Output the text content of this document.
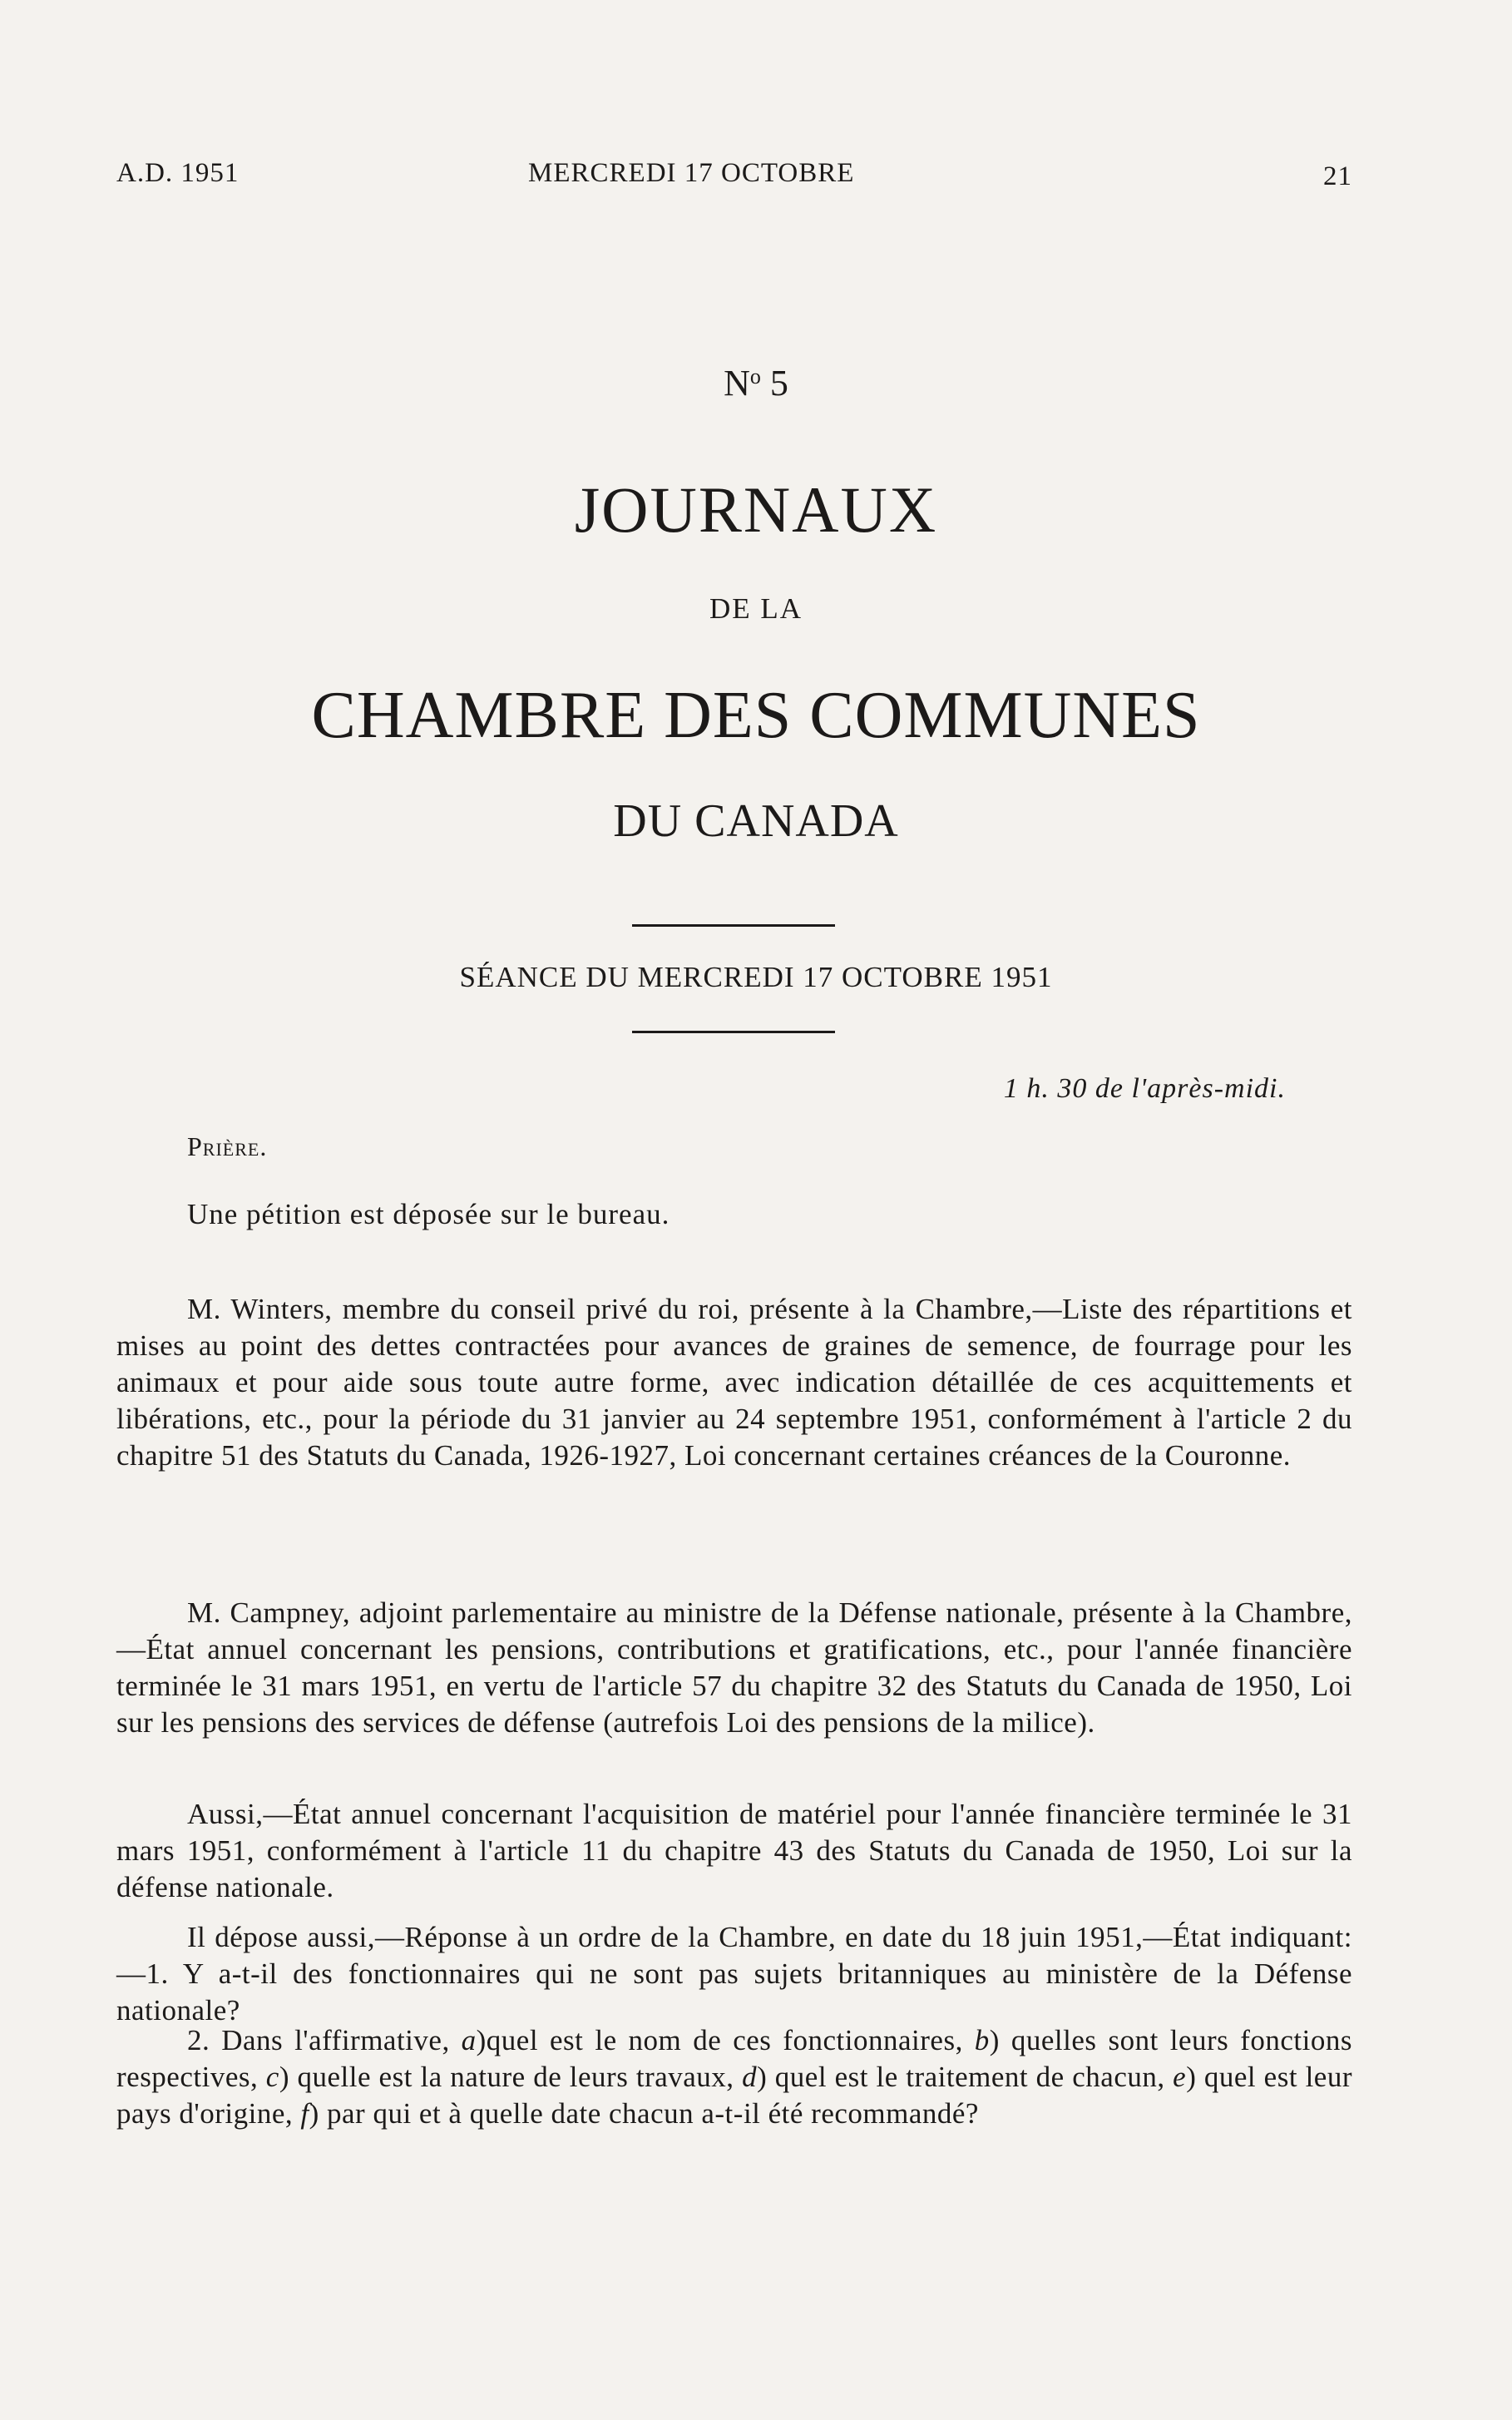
A.D. 1951	MERCREDI 17 OCTOBRE	21
$N^o$ 5
JOURNAUX
DE LA
CHAMBRE DES COMMUNES
DU CANADA
SÉANCE DU MERCREDI 17 OCTOBRE 1951
1 h. 30 de l'après-midi.
Prière.
Une pétition est déposée sur le bureau.

M. Winters, membre du conseil privé du roi, présente à la Chambre,—Liste des répartitions et mises au point des dettes contractées pour avances de graines de semence, de fourrage pour les animaux et pour aide sous toute autre forme, avec indication détaillée de ces acquittements et libérations, etc., pour la période du 31 janvier au 24 septembre 1951, conformément à l'article 2 du chapitre 51 des Statuts du Canada, 1926-1927, Loi concernant certaines créances de la Couronne.

M. Campney, adjoint parlementaire au ministre de la Défense nationale, présente à la Chambre,—État annuel concernant les pensions, contributions et gratifications, etc., pour l'année financière terminée le 31 mars 1951, en vertu de l'article 57 du chapitre 32 des Statuts du Canada de 1950, Loi sur les pensions des services de défense (autrefois Loi des pensions de la milice).

Aussi,—État annuel concernant l'acquisition de matériel pour l'année financière terminée le 31 mars 1951, conformément à l'article 11 du chapitre 43 des Statuts du Canada de 1950, Loi sur la défense nationale.

Il dépose aussi,—Réponse à un ordre de la Chambre, en date du 18 juin 1951,—État indiquant:—1. Y a-t-il des fonctionnaires qui ne sont pas sujets britanniques au ministère de la Défense nationale?

2. Dans l'affirmative, a)quel est le nom de ces fonctionnaires, b) quelles sont leurs fonctions respectives, c) quelle est la nature de leurs travaux, d) quel est le traitement de chacun, e) quel est leur pays d'origine, f) par qui et à quelle date chacun a-t-il été recommandé?
